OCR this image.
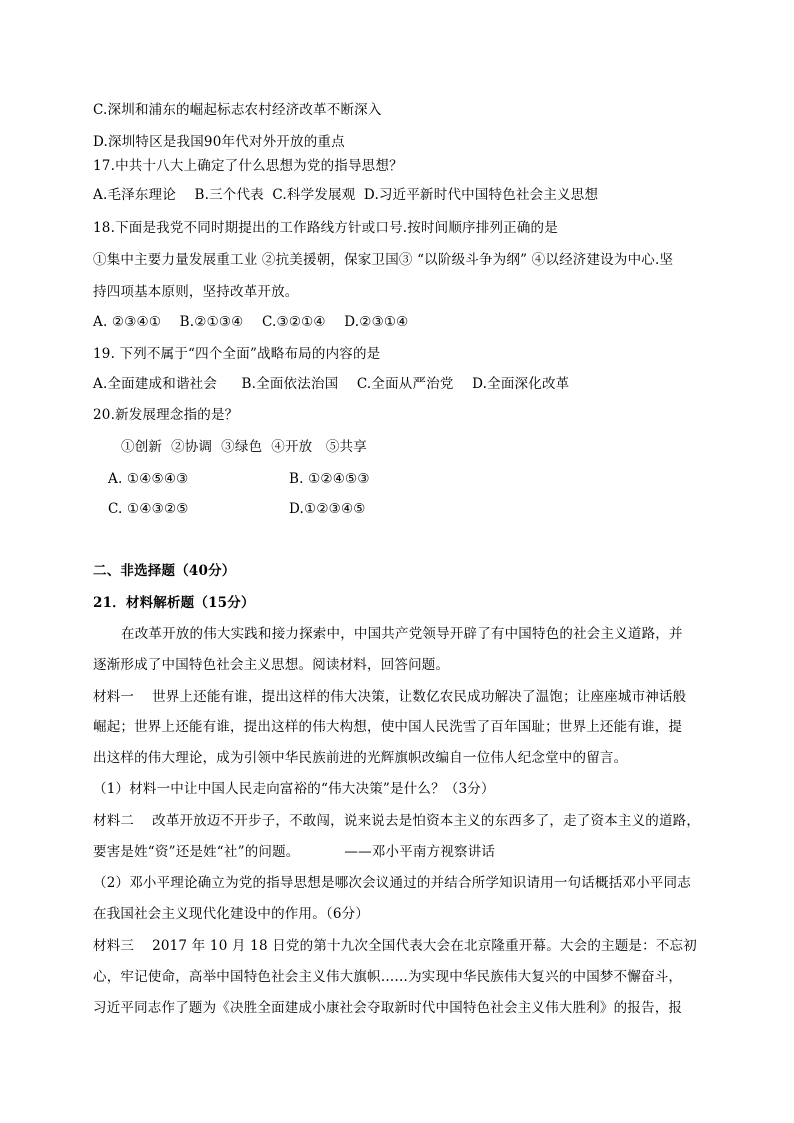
C.深圳和浦东的崛起标志农村经济改革不断深入
D.深圳特区是我国90年代对外开放的重点
17.中共十八大上确定了什么思想为党的指导思想？
A.毛泽东理论 B.三个代表 C.科学发展观 D.习近平新时代中国特色社会主义思想
18.下面是我党不同时期提出的工作路线方针或口号.按时间顺序排列正确的是
①集中主要力量发展重工业 ②抗美援朝，保家卫国③ “以阶级斗争为纲” ④以经济建设为中心.坚
持四项基本原则，坚持改革开放。
A. ②③④① B.②①③④ C.③②①④ D.②③①④
19. 下列不属于“四个全面”战略布局的内容的是
A.全面建成和谐社会 B.全面依法治国 C.全面从严治党 D.全面深化改革
20.新发展理念指的是？
①创新  ②协调  ③绿色  ④开放   ⑤共享
A. ①④⑤④③	B. ①②④⑤③
C. ①④③②⑤	D.①②③④⑤
二、非选择题（40分）
21．材料解析题（15分）
在改革开放的伟大实践和接力探索中，中国共产党领导开辟了有中国特色的社会主义道路，并
逐渐形成了中国特色社会主义思想。阅读材料，回答问题。
材料一    世界上还能有谁，提出这样的伟大决策，让数亿农民成功解决了温饱；让座座城市神话般
崛起；世界上还能有谁，提出这样的伟大构想，使中国人民洗雪了百年国耻；世界上还能有谁，提
出这样的伟大理论，成为引领中华民族前进的光辉旗帜改编自一位伟人纪念堂中的留言。
（1）材料一中让中国人民走向富裕的“伟大决策”是什么？（3分）
材料二    改革开放迈不开步子，不敢闯，说来说去是怕资本主义的东西多了，走了资本主义的道路，
要害是姓“资”还是姓“社”的问题。          ——邓小平南方视察讲话
（2）邓小平理论确立为党的指导思想是哪次会议通过的并结合所学知识请用一句话概括邓小平同志
在我国社会主义现代化建设中的作用。（6分）
材料三    2017 年 10 月 18 日党的第十九次全国代表大会在北京隆重开幕。大会的主题是：不忘初
心，牢记使命，高举中国特色社会主义伟大旗帜……为实现中华民族伟大复兴的中国梦不懈奋斗，
习近平同志作了题为《决胜全面建成小康社会夺取新时代中国特色社会主义伟大胜利》的报告，报
